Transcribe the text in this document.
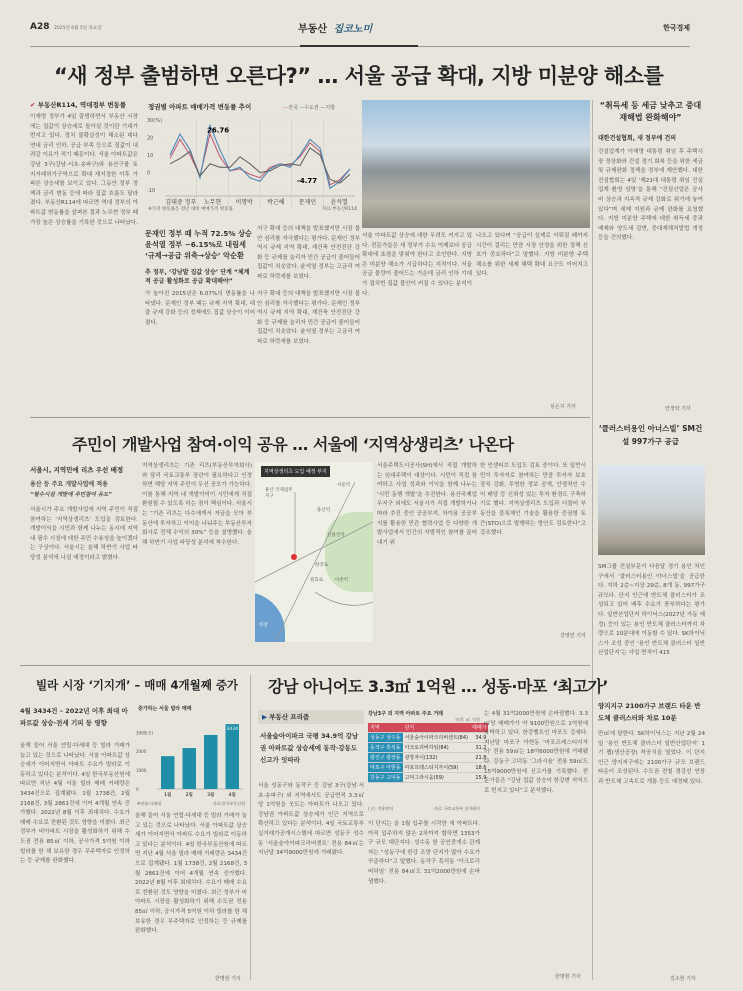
A28 2025년 6월 5일 목요일	부동산 집코노미	한국경제
“새 정부 출범하면 오른다?” … 서울 공급 확대, 지방 미분양 해소를
✔ 부동산R114, 역대정부 변동률
이재명 정부가 4일 출범하면서 부동산 시장에는 집값이 상승세로 돌아설 것이란 기대가 번지고 있다. 정치 불확실성이 해소된 데다 연내 금리 인하, 공급 부족 등으로 집값이 내려갈 이유가 적기 때문이다. 서울 아파트값은 강남 3구(강남·서초·송파구)와 용산구를 토지거래허가구역으로 확대 재지정한 이후 가파른 상승세를 보이고 있다. 그동안 정부 정책과 금리 변동 등에 따라 집값 흐름도 달라졌다. 부동산R114에 따르면 역대 정부의 아파트값 변동률을 살펴본 결과 노무현 정부 때 가장 높은 상승률을 기록한 것으로 나타났다.
정권별 아파트 매매가격 변동률 추이	—전국 —수도권 —지방
30(%)
20
10
0
-10
김대중 정부 노무현 이명박 박근혜 문재인 윤석열
26.76
-4.77
※가격 변동률은 전년 대비 매매가격 변동률	자료:부동산R114
문재인 정부 때 누적 72.5% 상승
윤석열 정부 −6.15%로 내림세
‘규제→공급 위축→상승’ 악순환
지구 확대 등의 대책을 발표했지만 시장 불안 심리를 자극했다는 평가다. 문재인 정부 역시 규제 지역 확대, 재건축 안전진단 강화 등 규제를 늘리자 민간 공급이 줄어들어 집값이 치솟았다. 윤석열 정부는 고금리 여파로 하락세를 보였다.
추 정부, ‘강남발 집값 상승’ 단계 “체계적 공급 활성화로 공급 확대해야”
가 높아진 2015년은 6.07%의 변동률을 나타냈다. 문재인 정부 때는 규제 지역 확대, 대출 규제 강화 등의 정책에도 집값 상승이 이어졌다.
지구 확대 등의 대책을 발표했지만 시장 불안 심리를 자극했다는 평가다. 문재인 정부 역시 규제 지역 확대, 재건축 안전진단 강화 등 규제를 늘리자 민간 공급이 줄어들어 집값이 치솟았다. 윤석열 정부는 고금리 여파로 하락세를 보였다.
서울 아파트값 상승에 대한 우려도 커지고 있다. 전문가들은 새 정부가 수요 억제보다 공급 확대에 초점을 맞춰야 한다고 조언한다. 지방은 미분양 해소가 시급하다는 지적이다. 서울 공급 물량이 줄어드는 가운데 금리 인하 기대가 겹치면 집값 불안이 커질 수 있다는 분석이다.
나오고 있다며 “공급이 실제로 이뤄질 때까지 시간이 걸리는 만큼 시장 안정을 위한 정책 신호가 중요하다”고 말했다. 지방 미분양 주택 해소를 위한 세제 혜택 확대 요구도 이어지고 있다.
심은지 기자
“취득세 등 세금 낮추고 중대재해법 완화해야”
대한건설협회, 새 정부에 건의
건설업계가 이재명 대통령 취임 후 주택시장 정상화와 건설 경기 회복 등을 위한 세금 및 규제완화 정책을 정부에 제안했다. 대한건설협회는 4일 ‘제21대 대통령 취임 건설업계 환영 성명’을 통해 “건설산업은 공사비 상승과 지속적 규제 강화로 위기에 놓여 있다”며 세제 지원과 규제 완화를 요청했다. 지방 미분양 주택에 대한 취득세 중과 배제와 양도세 감면, 중대재해처벌법 개정 등을 건의했다.
안정락 기자
주민이 개발사업 참여·이익 공유 … 서울에 ‘지역상생리츠’ 나온다
서울시, 지역민에 리츠 우선 배정
용산 등 주요 개발사업에 적용
“필수시설 개발에 주민참여 유도”
서울시가 주요 개발사업에 지역 주민이 직접 참여하는 ‘지역상생리츠’ 도입을 검토한다. 개발이익을 시민과 함께 나누는 동시에 지역 내 필수 시설에 대한 주민 수용성을 높이겠다는 구상이다. 서울시는 올해 하반기 사업 타당성 분석에 나설 예정이라고 밝혔다.
지역상생리츠는 기존 리츠(부동산투자회사)와 달리 국토교통부 장관이 필요하다고 인정하면 해당 지역 주민이 우선 공모가 가능하다. 이를 통해 지역 내 개발이익이 시민에게 직접 환원될 수 있도록 하는 점이 핵심이다. 서울시는 “기존 리츠는 다수에게서 자금을 모아 부동산에 투자하고 이익을 나눠주는 부동산투자회사로 전체 수익의 30%” 등을 설명했다. 올해 하반기 사업 타당성 분석에 착수한다.
지역상생리츠 도입 예정 부지
용산 국제업무지구
용산역
신용산역
서울역
이촌역
한강로
원효로
한강
서울주택도시공사(SH)에서 직접 개발하는 임대주택이 대상이다. 시민이 직접 참여하고 사업 성과와 이익을 함께 나누는 ‘시민 동행 개발’을 추진한다. 용산국제업무지구 외에도 서울시가 직접 개발하거나 따라 추진 중인 공공부지, 차이용 공공부지를 활용한 민관 협력사업 등 다양한 개발사업에서 민간의 자발적인 참여를 끌어내기 위
한 인센티브 도입도 검토 중이다. 또 일반시민이 투자자로 참여하는 만큼 투자자 보호장치 강화, 투명한 정보 공개, 안정적인 수익 배당 등 신뢰성 있는 투자 환경도 구축하기로 했다. 지역상생리츠 도입과 더불어 부동산을 블록체인 기술을 활용한 증권형 토큰(STO)으로 발행하는 방안도 검토한다”고 강조했다.
강영연 기자
‘클러스터용인 아너스빌’ SM건설 997가구 공급
SM그룹 건설부문이 다음달 경기 용인 처인구에서 ‘클러스터용인 아너스빌’을 공급한다. 지하 2층~지상 29층, 8개 동, 997가구 규모다. 단지 인근에 반도체 클러스터가 조성되고 있어 배후 수요가 풍부하다는 평가다. 일반산업단지 하이닉스(2027년 가동 예정) 등이 있는 용인 반도체 클러스터까지 차량으로 10분대에 이동할 수 있다. SK하이닉스가 조성 중인 ‘용인 반도체 클러스터 일반산업단지’는 사업 면적이 415
양지지구 2100가구 브랜드 타운 반도체 클러스터와 차로 10분
만㎡에 달한다. SK하이닉스는 지난 2월 24일 ‘용인 반도체 클러스터 일반산업단지’ 1기 팹(생산공장) 착공식을 열었다. 이 단지 인근 양지지구에는 2100가구 규모 브랜드 타운이 조성된다. 수도권 전철 경강선 연장과 반도체 고속도로 개통 등도 예정돼 있다.
김소현 기자
빌라 시장 ‘기지개’ – 매매 4개월째 증가
4월 3434건 – 2022년 이후 최대 아파트값 상승·전세 기피 등 영향
올해 들어 서울 연립·다세대 등 빌라 거래가 늘고 있는 것으로 나타났다. 서울 아파트값 상승세가 이어지면서 아파트 수요가 빌라로 이동하고 있다는 분석이다. 4일 한국부동산원에 따르면 지난 4월 서울 빌라 매매 거래량은 3434건으로 집계됐다. 1월 1738건, 2월 2168건, 3월 2861건에 이어 4개월 연속 증가했다. 2022년 8월 이후 최대치다. 수요가 매매 수요로 전환된 것도 영향을 미쳤다. 최근 정부가 비아파트 시장을 활성화하기 위해 수도권 전용 85㎡ 이하, 공시가격 5억원 이하 빌라를 한 채 보유한 경우 무주택자로 인정하는 등 규제를 완화했다.
증가하는 서울 빌라 매매
3000(건)
2000
1000
0
1월	2월	3월	4월
3434
※연립·다세대	자료:한국부동산원
올해 들어 서울 연립·다세대 등 빌라 거래가 늘고 있는 것으로 나타났다. 서울 아파트값 상승세가 이어지면서 아파트 수요가 빌라로 이동하고 있다는 분석이다. 4일 한국부동산원에 따르면 지난 4월 서울 빌라 매매 거래량은 3434건으로 집계됐다. 1월 1738건, 2월 2168건, 3월 2861건에 이어 4개월 연속 증가했다. 2022년 8월 이후 최대치다. 수요가 매매 수요로 전환된 것도 영향을 미쳤다. 최근 정부가 비아파트 시장을 활성화하기 위해 수도권 전용 85㎡ 이하, 공시가격 5억원 이하 빌라를 한 채 보유한 경우 무주택자로 인정하는 등 규제를 완화했다.
한명현 기자
강남 아니어도 3.3㎡ 1억원 … 성동·마포 ‘최고가’
▶ 부동산 프리즘
서울숲아이파크 국평 34.9억 강남권 아파트값 상승세에 동작·강동도 신고가 잇따라
서울 성동구와 동작구 등 강남 3구(강남·서초·송파구) 외 지역에서도 공급면적 3.3㎡당 1억원을 웃도는 아파트가 나오고 있다. 강남권 아파트값 상승세가 인근 지역으로 확산하고 있다는 분석이다. 4일 국토교통부 실거래가공개시스템에 따르면 성동구 성수동 ‘서울숲아이파크리버센트’ 전용 84㎡는 지난달 34억9000만원에 거래됐다.
강남3구 외 지역 아파트 주요 거래
단위: ㎡, 억원
지역	단지	매매가
성동구 성수동	서울숲아이파크리버센트(84)	34.9
동작구 흑석동	아크로리버하임(84)	31.2
광진구 광장동	광장자이(132)	21.8
마포구 아현동	마포프레스티지자이(59)	18.6
강동구 고덕동	고덕그라시움(59)	15.9
( )는 전용면적	자료: 국토교통부 실거래가
이 단지는 올 1월 입주를 시작한 새 아파트다. 아직 입주하지 않은 2차까지 합하면 1353가구 규모 대단지다. 성수동 한 공인중개소 관계자는 “성동구에 한강 조망 단지가 많아 수요가 꾸준하다”고 말했다. 동작구 흑석동 ‘아크로리버하임’ 전용 84㎡도 31억2000만원에 손바뀜했다.
는 4월 31억2000만원에 손바뀜했다. 3.3㎡당 매매가가 약 9100만원으로 1억원에 육박하고 있다. 한강벨트인 마포도 강세다. 지난달 마포구 아현동 ‘마포프레스티지자이’ 전용 59㎡는 18억6000만원에 거래됐다. 강동구 고덕동 ‘그라시움’ 전용 59㎡도 15억9000만원에 신고가를 기록했다. 전문가들은 “강남 집값 상승이 한강변 지역으로 번지고 있다”고 분석했다.
한명현 기자
